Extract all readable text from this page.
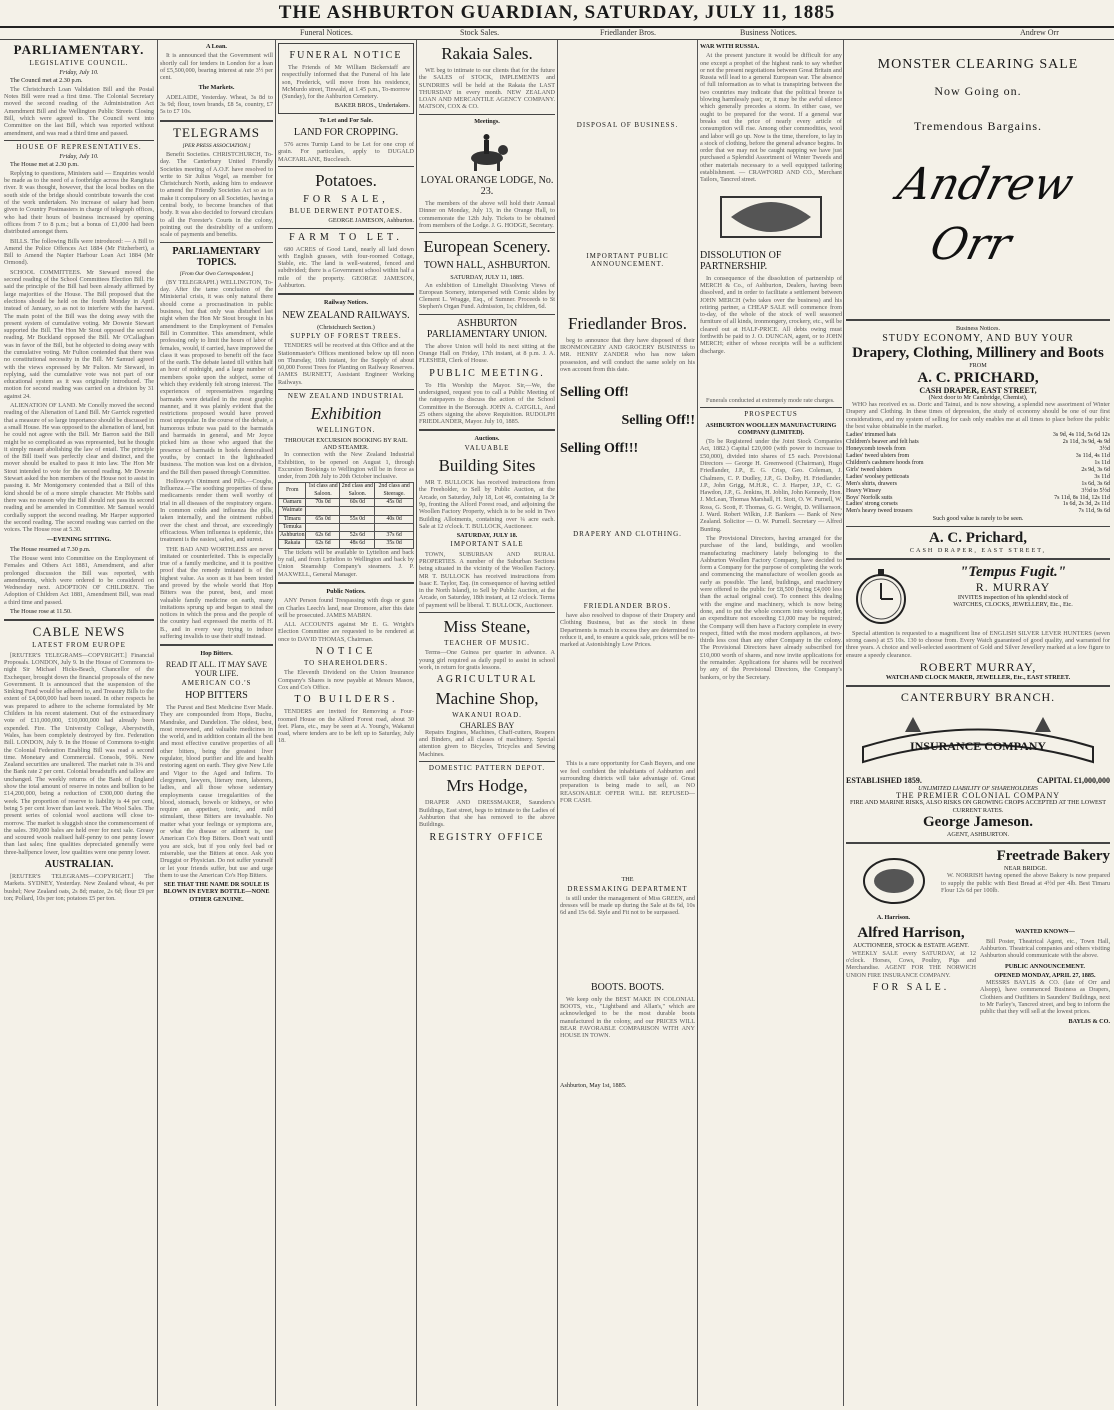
THE ASHBURTON GUARDIAN, SATURDAY, JULY 11, 1885
Funeral Notices.	Stock Sales.	Friedlander Bros.	Business Notices.	Andrew Orr
PARLIAMENTARY.
LEGISLATIVE COUNCIL.
Friday, July 10.
The Council met at 2.30 p.m.
The Christchurch Loan Validation Bill and the Postal Notes Bill were read a first time. The Colonial Secretary moved the second reading of the Administration Act Amendment Bill and the Wellington Public Streets Closing Bill, which were agreed to. The Council went into Committee on the last Bill, which was reported without amendment, and was read a third time and passed.
HOUSE OF REPRESENTATIVES.
Friday, July 10.
The House met at 2.30 p.m.
Replying to questions, Ministers said — Enquiries would be made as to the need of a footbridge across the Rangitata river. It was thought, however, that the local bodies on the south side of the bridge should contribute towards the cost of the work undertaken. No increase of salary had been given to Country Postmasters in charge of telegraph offices, who had their hours of business increased by opening offices from 7 to 8 p.m.; but a bonus of £1,000 had been distributed amongst them.
BILLS. The following Bills were introduced: — A Bill to Amend the Police Offences Act 1884 (Mr Fitzherbert), a Bill to Amend the Napier Harbour Loan Act 1884 (Mr Ormond).
SCHOOL COMMITTEES. Mr Steward moved the second reading of the School Committees Election Bill. He said the principle of the Bill had been already affirmed by large majorities of the House. The Bill proposed that the elections should be held on the fourth Monday in April instead of January, so as not to interfere with the harvest. The main point of the Bill was the doing away with the present system of cumulative voting. Mr Downie Stewart supported the Bill. The Hon Mr Stout opposed the second reading. Mr Buckland opposed the Bill. Mr O'Callaghan was in favor of the Bill, but he objected to doing away with the cumulative voting. Mr Fulton contended that there was no constitutional necessity in the Bill. Mr Samuel agreed with the views expressed by Mr Fulton. Mr Steward, in replying, said the cumulative vote was not part of our educational system as it was originally introduced. The motion for second reading was carried on a division by 31 against 24.
ALIENATION OF LAND. Mr Conolly moved the second reading of the Alienation of Land Bill. Mr Garrick regretted that a measure of so large importance should be discussed in a small House. He was opposed to the alienation of land, but he could not agree with the Bill. Mr Barron said the Bill might be so complicated as was represented, but he thought it simply meant abolishing the law of entail. The principle of the Bill itself was perfectly clear and distinct, and the mover should be exalted to pass it into law. The Hon Mr Stout intended to vote for the second reading. Mr Downie Stewart asked the hon members of the House not to assist in passing it. Mr Montgomery contended that a Bill of this kind should be of a more simple character. Mr Hobbs said there was no reason why the Bill should not pass its second reading and be amended in Committee. Mr Samuel would cordially support the second reading. Mr Harper supported the second reading. The second reading was carried on the voices. The House rose at 5.30.
—EVENING SITTING.
The House resumed at 7.30 p.m.
The House went into Committee on the Employment of Females and Others Act 1881, Amendment, and after prolonged discussion the Bill was reported, with amendments, which were ordered to be considered on Wednesday next. ADOPTION OF CHILDREN. The Adoption of Children Act 1881, Amendment Bill, was read a third time and passed.
The House rose at 11.50.
CABLE NEWS
LATEST FROM EUROPE
[REUTER'S TELEGRAMS—COPYRIGHT.] Financial Proposals. LONDON, July 9. In the House of Commons to-night Sir Michael Hicks-Beach, Chancellor of the Exchequer, brought down the financial proposals of the new Government. It is announced that the suspension of the Sinking Fund would be adhered to, and Treasury Bills to the extent of £4,000,000 had been issued. In other respects he was prepared to adhere to the scheme formulated by Mr Childers in his recent statement. Out of the extraordinary vote of £11,000,000, £10,000,000 had already been expended. Fire. The University College, Aberystwith, Wales, has been completely destroyed by fire. Federation Bill. LONDON, July 9. In the House of Commons to-night the Colonial Federation Enabling Bill was read a second time. Monetary and Commercial. Consols, 99¾. New Zealand securities are unaltered. The market rate is 3¼ and the Bank rate 2 per cent. Colonial breadstuffs and tallow are unchanged. The weekly returns of the Bank of England show the total amount of reserve in notes and bullion to be £14,200,000, being a reduction of £300,000 during the week. The proportion of reserve to liability is 44 per cent, being 5 per cent lower than last week. The Wool Sales. The present series of colonial wool auctions will close to-morrow. The market is sluggish since the commencement of the sales. 390,000 bales are held over for next sale. Greasy and scoured wools realised half-penny to one penny lower than last sales; fine qualities depreciated generally were three-halfpence lower, low qualities were one penny lower.
AUSTRALIAN.
[REUTER'S TELEGRAMS—COPYRIGHT.] The Markets. SYDNEY, Yesterday. New Zealand wheat, 4s per bushel; New Zealand oats, 2s 8d; maize, 2s 6d; flour £9 per ton; Pollard, 10s per ton; potatoes £5 per ton.
A Loan.
It is announced that the Government will shortly call for tenders in London for a loan of £5,500,000, bearing interest at rate 3½ per cent.
The Markets.
ADELAIDE, Yesterday. Wheat, 3s 8d to 3s 9d; flour, town brands, £8 5s, country, £7 5s to £7 10s.
TELEGRAMS
[PER PRESS ASSOCIATION.]
Benefit Societies. CHRISTCHURCH, To-day. The Canterbury United Friendly Societies meeting of A.O.F. have resolved to write to Sir Julius Vogel, as member for Christchurch North, asking him to endeavor to amend the Friendly Societies Act so as to make it compulsory on all Societies, having a central body, to become branches of that body. It was also decided to forward circulars to all the Forester's Courts in the colony, pointing out the desirability of a uniform scale of payments and benefits.
PARLIAMENTARY TOPICS.
[From Our Own Correspondent.]
(BY TELEGRAPH.) WELLINGTON, To-day. After the tame conclusion of the Ministerial crisis, it was only natural there should come a procrastination in public business, but that only was disturbed last night when the Hon Mr Stout brought in his amendment to the Employment of Females Bill in Committee. This amendment, while professing only to limit the hours of labor of females, would, if carried, have improved the class it was proposed to benefit off the face of the earth. The debate lasted till within half an hour of midnight, and a large number of members spoke upon the subject, some of which they evidently felt strong interest. The experiences of representatives regarding barmaids were detailed in the most graphic manner, and it was plainly evident that the restrictions proposed would have proved most unpopular. In the course of the debate, a humorous tribute was paid to the barmaids and barmaids in general, and Mr Joyce picked him as those who argued that the presence of barmaids in hotels demoralised youths, by contact in the lightheaded business. The motion was lost on a division, and the Bill then passed through Committee.
Holloway's Ointment and Pills.—Coughs, Influenza.—The soothing properties of these medicaments render them well worthy of trial in all diseases of the respiratory organs. In common colds and influenza the pills, taken internally, and the ointment rubbed over the chest and throat, are exceedingly efficacious. When influenza is epidemic, this treatment is the easiest, safest, and surest.
THE BAD AND WORTHLESS are never imitated or counterfeited. This is especially true of a family medicine, and it is positive proof that the remedy imitated is of the highest value. As soon as it has been tested and proved by the whole world that Hop Bitters was the purest, best, and most valuable family medicine on earth, many imitations sprung up and began to steal the notices in which the press and the people of the country had expressed the merits of H. B., and in every way trying to induce suffering invalids to use their stuff instead.
Hop Bitters.
READ IT ALL. IT MAY SAVE YOUR LIFE.
AMERICAN CO.'S
HOP BITTERS
The Purest and Best Medicine Ever Made. They are compounded from Hops, Buchu, Mandrake, and Dandelion. The oldest, best, most renowned, and valuable medicines in the world, and in addition contain all the best and most effective curative properties of all other bitters, being the greatest liver regulator, blood purifier and life and health restoring agent on earth. They give New Life and Vigor to the Aged and Infirm. To clergymen, lawyers, literary men, laborers, ladies, and all those whose sedentary employments cause irregularities of the blood, stomach, bowels or kidneys, or who require an appetiser, tonic, and mild stimulant, these Bitters are invaluable. No matter what your feelings or symptoms are, or what the disease or ailment is, use American Co's Hop Bitters. Don't wait until you are sick, but if you only feel bad or miserable, use the Bitters at once. Ask you Druggist or Physician. Do not suffer yourself or let your friends suffer, but use and urge them to use the American Co's Hop Bitters.
SEE THAT THE NAME DR SOULE IS BLOWN IN EVERY BOTTLE—NONE OTHER GENUINE.
FUNERAL NOTICE
The Friends of Mr William Bickerstaff are respectfully informed that the Funeral of his late son, Frederick, will move from his residence, McMurdo street, Tinwald, at 1.45 p.m., To-morrow (Sunday), for the Ashburton Cemetery.
BAKER BROS., Undertakers.
To Let and For Sale.
LAND FOR CROPPING.
576 acres Turnip Land to be Let for one crop of grain. For particulars, apply to DUGALD MACFARLANE, Buccleuch.
Potatoes.
FOR SALE,
BLUE DERWENT POTATOES.
GEORGE JAMESON, Ashburton.
FARM TO LET.
680 ACRES of Good Land, nearly all laid down with English grasses, with four-roomed Cottage, Stable, etc. The land is well-watered, fenced and subdivided; there is a Government school within half a mile of the property. GEORGE JAMESON, Ashburton.
Railway Notices.
NEW ZEALAND RAILWAYS.
(Christchurch Section.)
SUPPLY OF FOREST TREES.
TENDERS will be received at this Office and at the Stationmaster's Offices mentioned below up till noon on Thursday, 16th instant, for the Supply of about 60,000 Forest Trees for Planting on Railway Reserves. JAMES BURNETT, Assistant Engineer Working Railways.
NEW ZEALAND INDUSTRIAL
Exhibition
WELLINGTON.
THROUGH EXCURSION BOOKING BY RAIL AND STEAMER.
In connection with the New Zealand Industrial Exhibition, to be opened on August 1, through Excursion Bookings to Wellington will be in force as under, from 20th July to 20th October inclusive.
From	1st class and Saloon.	2nd class and Saloon.	2nd class and Steerage.
Oamaru	70s 0d	60s 0d	45s 0d
Waimate			
Timaru	65s 0d	55s 0d	40s 0d
Temuka			
Ashburton	62s 6d	52s 6d	37s 6d
Rakaia	62s 6d	48s 6d	35s 0d
The tickets will be available to Lyttelton and back by rail, and from Lyttelton to Wellington and back by Union Steamship Company's steamers. J. P. MAXWELL, General Manager.
Public Notices.
ANY Person found Trespassing with dogs or guns on Charles Leech's land, near Dromore, after this date will be prosecuted. JAMES MABRN.
ALL ACCOUNTS against Mr E. G. Wright's Election Committee are requested to be rendered at once to DAVID THOMAS, Chairman.
NOTICE
TO SHAREHOLDERS.
The Eleventh Dividend on the Union Insurance Company's Shares is now payable at Messrs Mason, Cox and Co's Office.
TO BUILDERS.
TENDERS are invited for Removing a Four-roomed House on the Alford Forest road, about 30 feet. Plans, etc., may be seen at A. Young's, Wakanui road, where tenders are to be left up to Saturday, July 18.
Rakaia Sales.
WE beg to intimate to our clients that for the future the SALES of STOCK, IMPLEMENTS and SUNDRIES will be held at the Rakaia the LAST THURSDAY in every month. NEW ZEALAND LOAN AND MERCANTILE AGENCY COMPANY. MATSON, COX & CO.
Meetings.
LOYAL ORANGE LODGE, No. 23.
The members of the above will hold their Annual Dinner on Monday, July 13, in the Orange Hall, to commemorate the 12th July. Tickets to be obtained from members of the Lodge. J. G. HODGE, Secretary.
European Scenery.
TOWN HALL, ASHBURTON.
SATURDAY, JULY 11, 1885.
An exhibition of Limelight Dissolving Views of European Scenery, interspersed with Comic slides by Clement L. Wragge, Esq., of Sumner. Proceeds to St Stephen's Organ Fund. Admission, 1s; children, 6d.
ASHBURTON PARLIAMENTARY UNION.
The above Union will hold its next sitting at the Orange Hall on Friday, 17th instant, at 8 p.m. J. A. FLESHER, Clerk of House.
PUBLIC MEETING.
To His Worship the Mayor. Sir,—We, the undersigned, request you to call a Public Meeting of the ratepayers to discuss the action of the School Committee in the Borough. JOHN A. CATGILL, And 25 others signing the above Requisition. RUDOLPH FRIEDLANDER, Mayor. July 10, 1885.
Auctions.
VALUABLE
Building Sites
MR T. BULLOCK has received instructions from the Freeholder, to Sell by Public Auction, at the Arcade, on Saturday, July 18, Lot 46, containing 1a 3r 9p, fronting the Alford Forest road, and adjoining the Woollen Factory Property, which is to be sold in Two Building Allotments, containing over ¼ acre each. Sale at 12 o'clock. T. BULLOCK, Auctioneer.
SATURDAY, JULY 18.
IMPORTANT SALE
TOWN, SUBURBAN AND RURAL PROPERTIES. A number of the Suburban Sections being situated in the vicinity of the Woollen Factory. MR T. BULLOCK has received instructions from Isaac E. Taylor, Esq. (in consequence of having settled in the North Island), to Sell by Public Auction, at the Arcade, on Saturday, 18th instant, at 12 o'clock. Terms of payment will be liberal. T. BULLOCK, Auctioneer.
Miss Steane,
TEACHER OF MUSIC.
Terms—One Guinea per quarter in advance. A young girl required as daily pupil to assist in school work, in return for gratis lessons.
AGRICULTURAL
Machine Shop,
WAKANUI ROAD.
CHARLES BAY
Repairs Engines, Machines, Chaff-cutters, Reapers and Binders, and all classes of machinery. Special attention given to Bicycles, Tricycles and Sewing Machines.
DOMESTIC PATTERN DEPOT.
Mrs Hodge,
DRAPER AND DRESSMAKER, Saunders's Buildings, East street, begs to intimate to the Ladies of Ashburton that she has removed to the above Buildings.
REGISTRY OFFICE
DISPOSAL OF BUSINESS.
IMPORTANT PUBLIC ANNOUNCEMENT.
Friedlander Bros.
beg to announce that they have disposed of their IRONMONGERY AND GROCERY BUSINESS to MR. HENRY ZANDER who has now taken possession, and will conduct the same solely on his own account from this date.
Selling Off!
Selling Off!!
Selling Off!!!
DRAPERY AND CLOTHING.
FRIEDLANDER BROS.
have also resolved to dispose of their Drapery and Clothing Business, but as the stock in these Departments is much in excess they are determined to reduce it, and, to ensure a quick sale, prices will be re-marked at Astonishingly Low Prices.
This is a rare opportunity for Cash Buyers, and one we feel confident the inhabitants of Ashburton and surrounding districts will take advantage of. Great preparation is being made to sell, as NO REASONABLE OFFER WILL BE REFUSED—FOR CASH.
THE
DRESSMAKING DEPARTMENT
is still under the management of Miss GREEN, and dresses will be made up during the Sale at 8s 6d, 10s 6d and 15s 6d. Style and Fit not to be surpassed.
BOOTS. BOOTS.
We keep only the BEST MAKE IN COLONIAL BOOTS, viz., "Lightband and Allan's," which are acknowledged to be the most durable boots manufactured in the colony, and our PRICES WILL BEAR FAVORABLE COMPARISON WITH ANY HOUSE IN TOWN.
Ashburton, May 1st, 1885.
WAR WITH RUSSIA.
At the present juncture it would be difficult for any one except a prophet of the highest rank to say whether or not the present negotiations between Great Britain and Russia will lead to a general European war. The absence of full information as to what is transpiring between the two countries may indicate that the political breeze is blowing harmlessly past; or, it may be the awful silence which generally precedes a storm. In either case, we ought to be prepared for the worst. If a general war breaks out the price of nearly every article of consumption will rise. Among other commodities, wool and labor will go up. Now is the time, therefore, to lay in a stock of clothing, before the general advance begins. In order that we may not be caught napping we have just purchased a Splendid Assortment of Winter Tweeds and other materials necessary to a well equipped tailoring establishment. — CRAWFORD AND CO., Merchant Tailors, Tancred street.
DISSOLUTION OF PARTNERSHIP.
In consequence of the dissolution of partnership of MERCH & Co., of Ashburton, Dealers, having been dissolved, and in order to facilitate a settlement between JOHN MERCH (who takes over the business) and his retiring partner, a CHEAP SALE will commence from to-day, of the whole of the stock of well seasoned furniture of all kinds, ironmongery, crockery, etc., will be cleared out at HALF-PRICE. All debts owing must forthwith be paid to J. O. DUNCAN, agent, or to JOHN MERCH; either of whose receipts will be a sufficient discharge.
Funerals conducted at extremely mode rate charges.
PROSPECTUS
ASHBURTON WOOLLEN MANUFACTURING COMPANY (LIMITED).
(To be Registered under the Joint Stock Companies Act, 1882.) Capital £20,000 (with power to increase to £50,000), divided into shares of £5 each. Provisional Directors — George H. Greenwood (Chairman), Hugo Friedlander, J.P., E. G. Crisp, Geo. Coleman, J. Chalmers, C. P. Dudley, J.P., G. Dolby, H. Friedlander, J.P., John Grigg, M.H.R., C. J. Harper, J.P., C. G. Hawdon, J.P., G. Jenkins, H. Joblin, John Kennedy, Hon. J. McLean, Thomas Marshall, H. Stott, O. W. Purnell, W. Ross, G. Scott, F. Thomas, G. G. Wright, D. Williamson, J. Ward. Robert Wilkin, J.P. Bankers — Bank of New Zealand. Solicitor — O. W. Purnell. Secretary — Alfred Bunting.
The Provisional Directors, having arranged for the purchase of the land, buildings, and woollen manufacturing machinery lately belonging to the Ashburton Woollen Factory Company, have decided to form a Company for the purpose of completing the work and commencing the manufacture of woollen goods as early as possible. The land, buildings, and machinery were offered to the public for £8,500 (being £4,000 less than the actual original cost). To connect this dealing with the engine and machinery, which is now being done, and to put the whole concern into working order, an expenditure not exceeding £1,000 may be required; the Company will then have a Factory complete in every respect, fitted with the most modern appliances, at two-thirds less cost than any other Company in the colony. The Provisional Directors have already subscribed for £10,000 worth of shares, and now invite applications for the remainder. Applications for shares will be received by any of the Provisional Directors, the Company's bankers, or by the Secretary.
MONSTER CLEARING SALE
Now Going on.
Tremendous Bargains.
Andrew Orr
Business Notices.
STUDY ECONOMY, AND BUY YOUR
Drapery, Clothing, Millinery and Boots
FROM
A. C. PRICHARD,
CASH DRAPER, EAST STREET,
(Next door to Mr Cambridge, Chemist),
WHO has received ex ss. Doric and Tainui, and is now showing, a splendid new assortment of Winter Drapery and Clothing. In these times of depression, the study of economy should be one of our first considerations, and my system of selling for cash only enables me at all times to place before the public the best value obtainable in the market.
Ladies' trimmed hats	3s 9d, 4s 11d, 5s 6d 12s
Children's beaver and felt hats	2s 11d, 3s 9d, 4s 9d
Honeycomb towels from	3½d
Ladies' tweed ulsters from	3s 11d, 4s 11d
Children's cashmere hoods from	1s 11d
Girls' tweed ulsters	2s 9d, 3s 6d
Ladies' woolsey petticoats	3s 11d
Men's shirts, drawers	1s 6d, 3s 6d
Heavy Winsey	3½d to 5½d
Boys' Norfolk suits	7s 11d, 8s 11d, 12s 11d
Ladies' strong corsets	1s 6d, 2s 3d, 2s 11d
Men's heavy tweed trousers	7s 11d, 9s 6d
Such good value is rarely to be seen.
A. C. Prichard,
CASH DRAPER, EAST STREET,
"Tempus Fugit."
R. MURRAY
INVITES inspection of his splendid stock of
WATCHES, CLOCKS, JEWELLERY, Etc., Etc.
Special attention is requested to a magnificent line of ENGLISH SILVER LEVER HUNTERS (seven strong cases) at £5 10s. 130 to choose from. Every Watch guaranteed of good quality, and warranted for three years. A choice and well-selected assortment of Gold and Silver Jewellery marked at a low figure to ensure a speedy clearance.
ROBERT MURRAY,
WATCH AND CLOCK MAKER, JEWELLER, Etc., EAST STREET.
CANTERBURY BRANCH.
INSURANCE COMPANY
ESTABLISHED 1859.	CAPITAL £1,000,000
UNLIMITED LIABILITY OF SHAREHOLDERS
THE PREMIER COLONIAL COMPANY
FIRE AND MARINE RISKS, ALSO RISKS ON GROWING CROPS ACCEPTED AT THE LOWEST CURRENT RATES.
George Jameson.
AGENT, ASHBURTON.
A. Harrison.
Freetrade Bakery
NEAR BRIDGE.
W. NORRISH having opened the above Bakery is now prepared to supply the public with Best Bread at 4½d per 4lb. Best Timaru Flour 12s 6d per 100lb.
Alfred Harrison,
AUCTIONEER, STOCK & ESTATE AGENT.
WEEKLY SALE every SATURDAY, at 12 o'clock. Horses, Cows, Poultry, Pigs and Merchandise. AGENT FOR THE NORWICH UNION FIRE INSURANCE COMPANY.
FOR SALE.
WANTED KNOWN—
Bill Poster, Theatrical Agent, etc., Town Hall, Ashburton. Theatrical companies and others visiting Ashburton should communicate with the above.
PUBLIC ANNOUNCEMENT.
OPENED MONDAY, APRIL 27, 1885.
MESSRS BAYLIS & CO. (late of Orr and Alsopp), have commenced Business as Drapers, Clothiers and Outfitters in Saunders' Buildings, next to Mr Farley's, Tancred street, and beg to inform the public that they will sell at the lowest prices.
BAYLIS & CO.
